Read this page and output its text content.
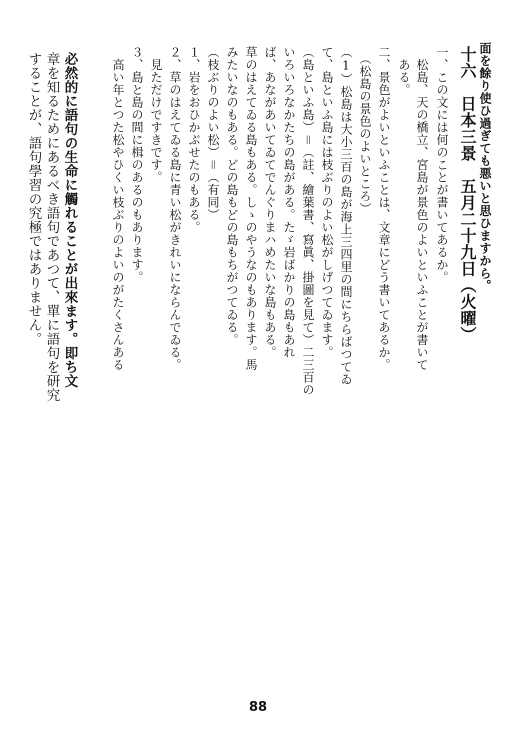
面を餘り使ひ過ぎても悪いと思ひますから。
十六　日本三景　五月二十九日（火曜）
一、この文には何のことが書いてあるか。
　松島、天の橋立、宮島が景色のよいといふことが書いて
　ある。
二、景色がよいといふことは、文章にどう書いてあるか。
　（松島の景色のよいところ）
（1）松島は大小三百の島が海上三四里の間にちらばつてゐ
て、島といふ島には枝ぶりのよい松がしげつてゐます。
（島といふ島）＝（註、繪葉書、寫眞、掛圖を見て）二三百の
いろいろなかたちの島がある。たゞ岩ばかりの島もあれ
ば、あながあいてゐてでんぐりまハめたいな島もある。
草のはえてゐる島もある。しゝのやうなのもあります。馬
みたいなのもある。どの島もどの島もちがつてゐる。
（枝ぶりのよい松）＝（有同）
１、岩をおひかぶせたのもある。
２、草のはえてゐる島に青い松がきれいにならんでゐる。
　見ただけですきです。
３、島と島の間に楫のあるのもあります。
　高い年とつた松やひくい枝ぶりのよいのがたくさんある
必然的に語句の生命に觸れることが出來ます。即ち文
章を知るためにあるべき語句であつて、單に語句を研究
することが、語句學習の究極ではありません。
88
